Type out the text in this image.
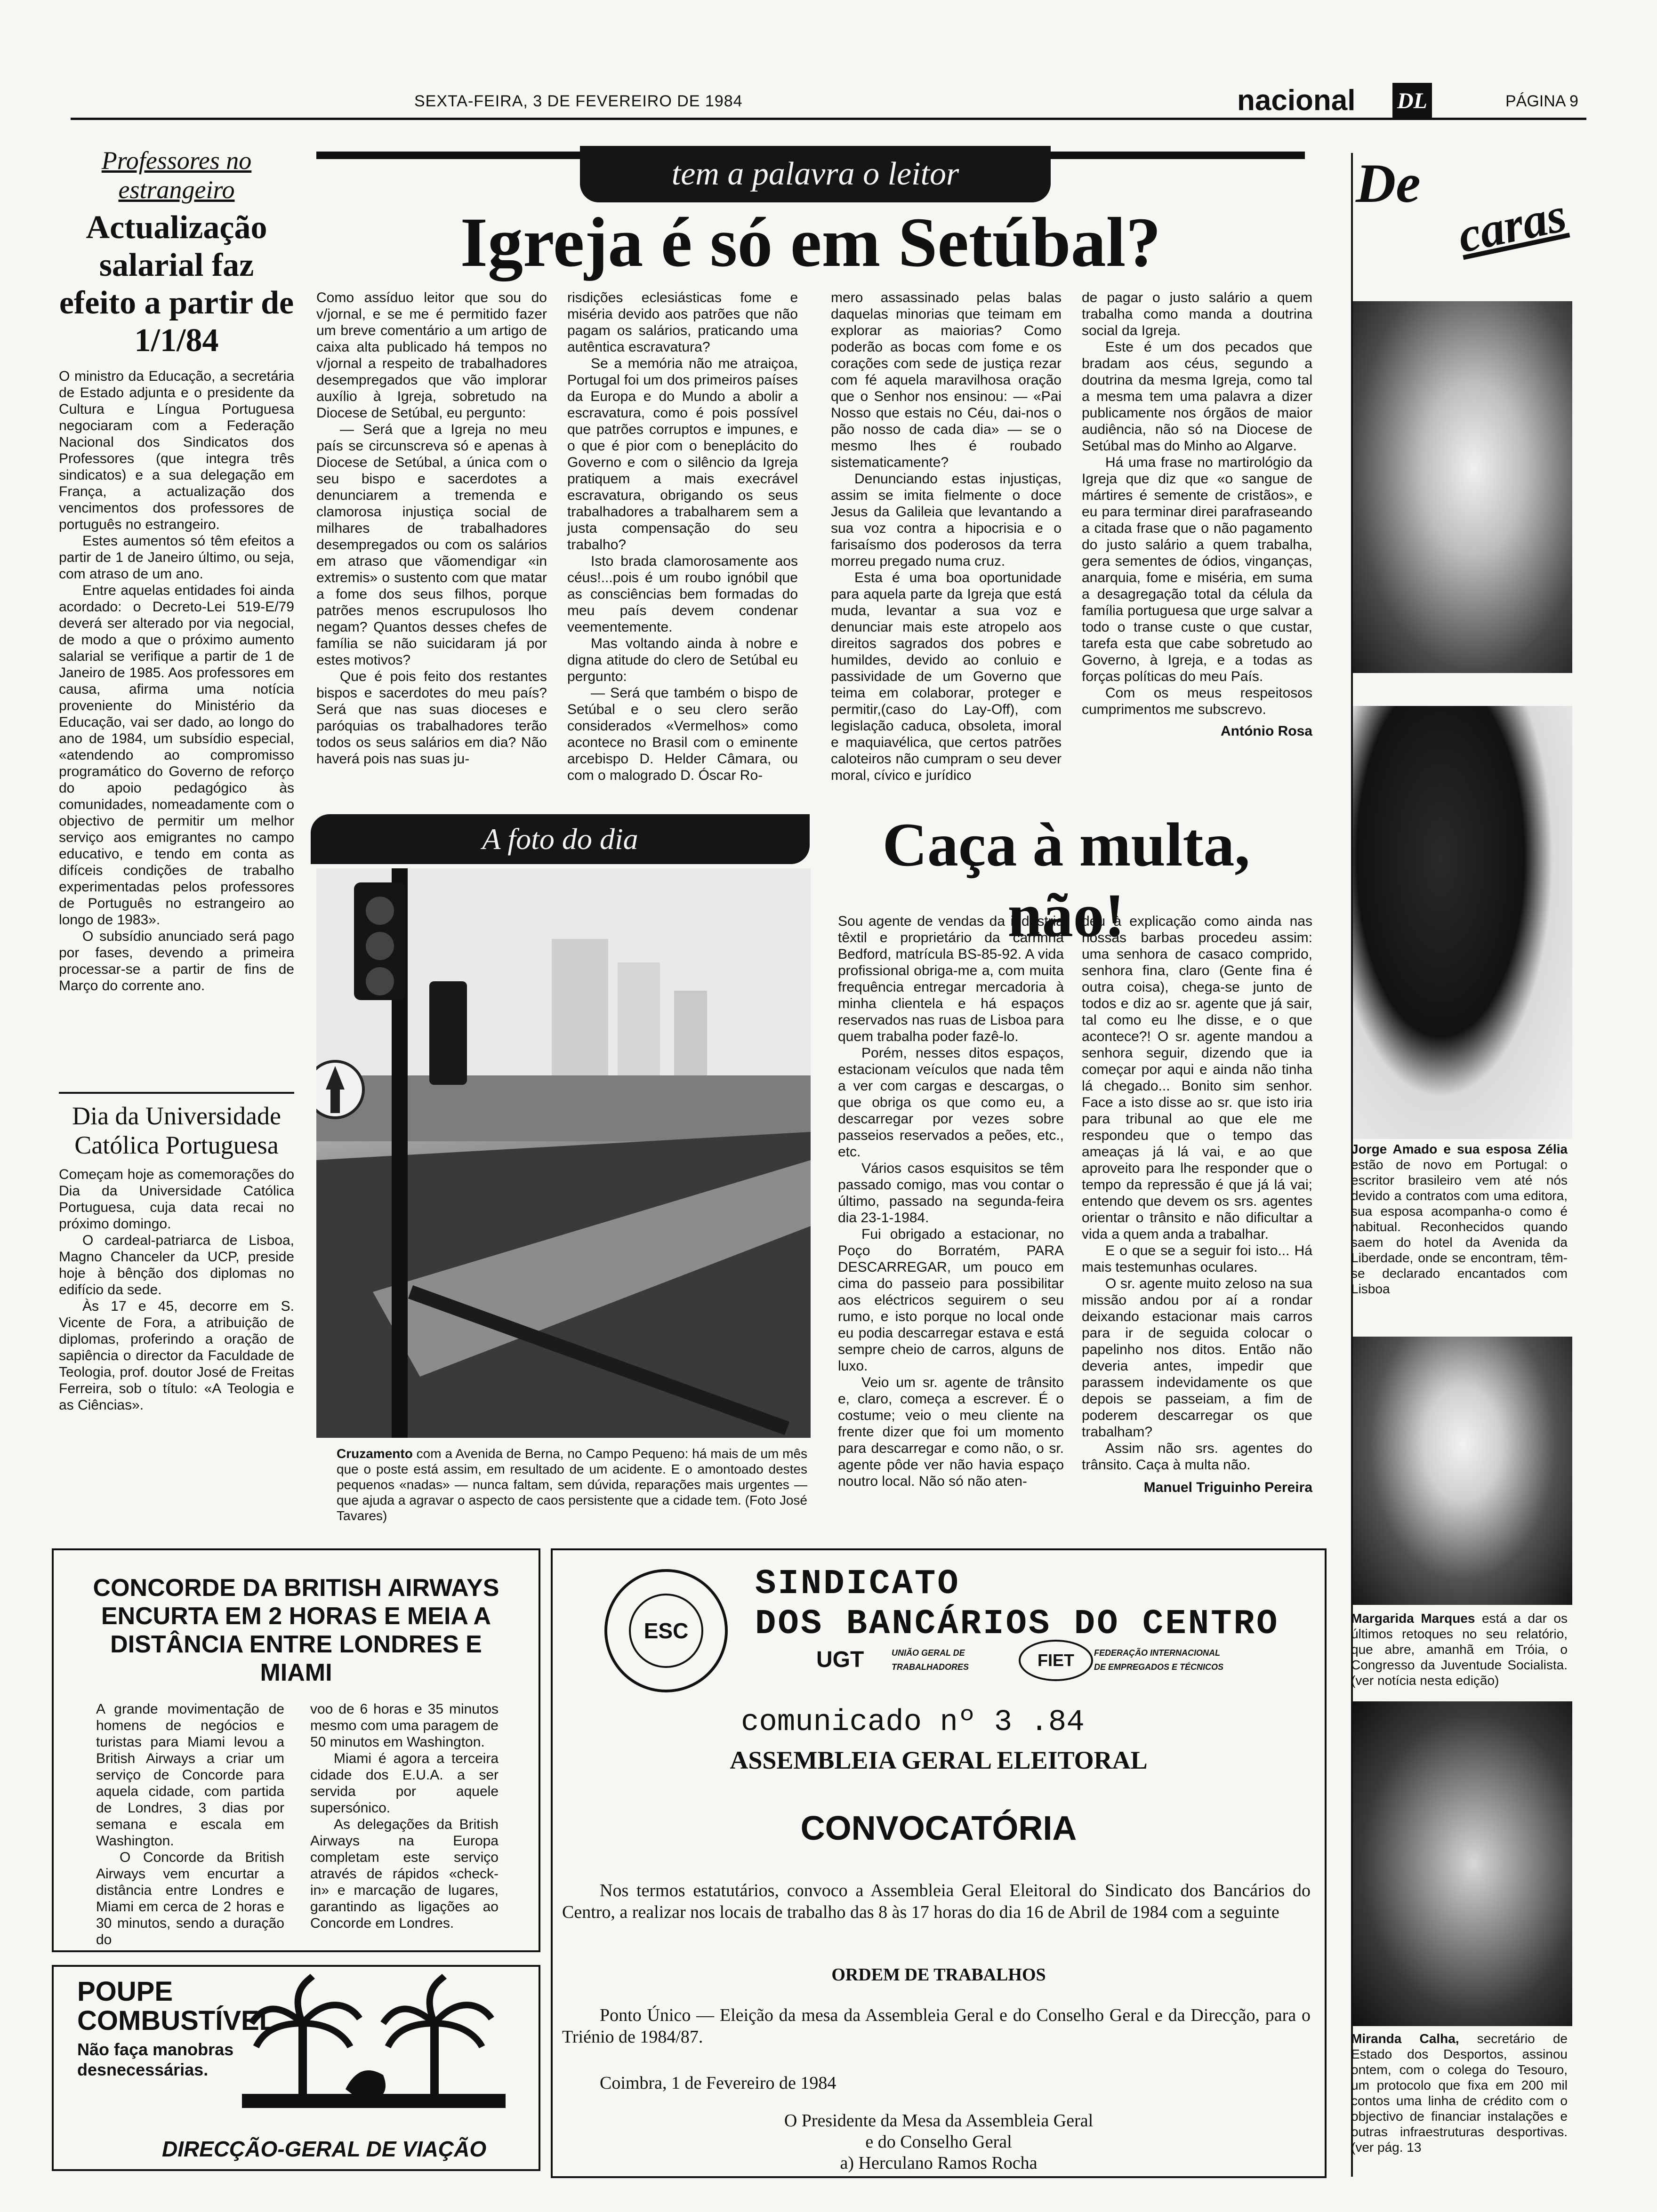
SEXTA-FEIRA, 3 DE FEVEREIRO DE 1984	nacional DL	PÁGINA 9
Professores no estrangeiro
Actualização salarial faz efeito a partir de 1/1/84

O ministro da Educação, a secretária de Estado adjunta e o presidente da Cultura e Língua Portuguesa negociaram com a Federação Nacional dos Sindicatos dos Professores (que integra três sindicatos) e a sua delegação em França, a actualização dos vencimentos dos professores de português no estrangeiro.

Estes aumentos só têm efeitos a partir de 1 de Janeiro último, ou seja, com atraso de um ano.

Entre aquelas entidades foi ainda acordado: o Decreto-Lei 519-E/79 deverá ser alterado por via negocial, de modo a que o próximo aumento salarial se verifique a partir de 1 de Janeiro de 1985. Aos professores em causa, afirma uma notícia proveniente do Ministério da Educação, vai ser dado, ao longo do ano de 1984, um subsídio especial, «atendendo ao compromisso programático do Governo de reforço do apoio pedagógico às comunidades, nomeadamente com o objectivo de permitir um melhor serviço aos emigrantes no campo educativo, e tendo em conta as difíceis condições de trabalho experimentadas pelos professores de Português no estrangeiro ao longo de 1983».

O subsídio anunciado será pago por fases, devendo a primeira processar-se a partir de fins de Março do corrente ano.

Dia da Universidade Católica Portuguesa

Começam hoje as comemorações do Dia da Universidade Católica Portuguesa, cuja data recai no próximo domingo.

O cardeal-patriarca de Lisboa, Magno Chanceler da UCP, preside hoje à bênção dos diplomas no edifício da sede.

Às 17 e 45, decorre em S. Vicente de Fora, a atribuição de diplomas, proferindo a oração de sapiência o director da Faculdade de Teologia, prof. doutor José de Freitas Ferreira, sob o título: «A Teologia e as Ciências».

tem a palavra o leitor
Igreja é só em Setúbal?

Como assíduo leitor que sou do v/jornal, e se me é permitido fazer um breve comentário a um artigo de caixa alta publicado há tempos no v/jornal a respeito de trabalhadores desempregados que vão implorar auxílio à Igreja, sobretudo na Diocese de Setúbal, eu pergunto:

— Será que a Igreja no meu país se circunscreva só e apenas à Diocese de Setúbal, a única com o seu bispo e sacerdotes a denunciarem a tremenda e clamorosa injustiça social de milhares de trabalhadores desempregados ou com os salários em atraso que vãomendigar «in extremis» o sustento com que matar a fome dos seus filhos, porque patrões menos escrupulosos lho negam? Quantos desses chefes de família se não suicidaram já por estes motivos?

Que é pois feito dos restantes bispos e sacerdotes do meu país? Será que nas suas dioceses e paróquias os trabalhadores terão todos os seus salários em dia? Não haverá pois nas suas ju-

risdições eclesiásticas fome e miséria devido aos patrões que não pagam os salários, praticando uma autêntica escravatura?

Se a memória não me atraiçoa, Portugal foi um dos primeiros países da Europa e do Mundo a abolir a escravatura, como é pois possível que patrões corruptos e impunes, e o que é pior com o beneplácito do Governo e com o silêncio da Igreja pratiquem a mais execrável escravatura, obrigando os seus trabalhadores a trabalharem sem a justa compensação do seu trabalho?

Isto brada clamorosamente aos céus!...pois é um roubo ignóbil que as consciências bem formadas do meu país devem condenar veementemente.

Mas voltando ainda à nobre e digna atitude do clero de Setúbal eu pergunto:

— Será que também o bispo de Setúbal e o seu clero serão considerados «Vermelhos» como acontece no Brasil com o eminente arcebispo D. Helder Câmara, ou com o malogrado D. Óscar Ro-

mero assassinado pelas balas daquelas minorias que teimam em explorar as maiorias? Como poderão as bocas com fome e os corações com sede de justiça rezar com fé aquela maravilhosa oração que o Senhor nos ensinou: — «Pai Nosso que estais no Céu, dai-nos o pão nosso de cada dia» — se o mesmo lhes é roubado sistematicamente?

Denunciando estas injustiças, assim se imita fielmente o doce Jesus da Galileia que levantando a sua voz contra a hipocrisia e o farisaísmo dos poderosos da terra morreu pregado numa cruz.

Esta é uma boa oportunidade para aquela parte da Igreja que está muda, levantar a sua voz e denunciar mais este atropelo aos direitos sagrados dos pobres e humildes, devido ao conluio e passividade de um Governo que teima em colaborar, proteger e permitir,(caso do Lay-Off), com legislação caduca, obsoleta, imoral e maquiavélica, que certos patrões caloteiros não cumpram o seu dever moral, cívico e jurídico

de pagar o justo salário a quem trabalha como manda a doutrina social da Igreja.

Este é um dos pecados que bradam aos céus, segundo a doutrina da mesma Igreja, como tal a mesma tem uma palavra a dizer publicamente nos órgãos de maior audiência, não só na Diocese de Setúbal mas do Minho ao Algarve.

Há uma frase no martirológio da Igreja que diz que «o sangue de mártires é semente de cristãos», e eu para terminar direi parafraseando a citada frase que o não pagamento do justo salário a quem trabalha, gera sementes de ódios, vinganças, anarquia, fome e miséria, em suma a desagregação total da célula da família portuguesa que urge salvar a todo o transe custe o que custar, tarefa esta que cabe sobretudo ao Governo, à Igreja, e a todas as forças políticas do meu País.

Com os meus respeitosos cumprimentos me subscrevo.

António Rosa
A foto do dia

Cruzamento com a Avenida de Berna, no Campo Pequeno: há mais de um mês que o poste está assim, em resultado de um acidente. E o amontoado destes pequenos «nadas» — nunca faltam, sem dúvida, reparações mais urgentes — que ajuda a agravar o aspecto de caos persistente que a cidade tem. (Foto José Tavares)

Caça à multa, não!

Sou agente de vendas da indústria têxtil e proprietário da carrinha Bedford, matrícula BS-85-92. A vida profissional obriga-me a, com muita frequência entregar mercadoria à minha clientela e há espaços reservados nas ruas de Lisboa para quem trabalha poder fazê-lo.

Porém, nesses ditos espaços, estacionam veículos que nada têm a ver com cargas e descargas, o que obriga os que como eu, a descarregar por vezes sobre passeios reservados a peões, etc., etc.

Vários casos esquisitos se têm passado comigo, mas vou contar o último, passado na segunda-feira dia 23-1-1984.

Fui obrigado a estacionar, no Poço do Borratém, PARA DESCARREGAR, um pouco em cima do passeio para possibilitar aos eléctricos seguirem o seu rumo, e isto porque no local onde eu podia descarregar estava e está sempre cheio de carros, alguns de luxo.

Veio um sr. agente de trânsito e, claro, começa a escrever. É o costume; veio o meu cliente na frente dizer que foi um momento para descarregar e como não, o sr. agente pôde ver não havia espaço noutro local. Não só não aten-

deu à explicação como ainda nas nossas barbas procedeu assim: uma senhora de casaco comprido, senhora fina, claro (Gente fina é outra coisa), chega-se junto de todos e diz ao sr. agente que já sair, tal como eu lhe disse, e o que acontece?! O sr. agente mandou a senhora seguir, dizendo que ia começar por aqui e ainda não tinha lá chegado... Bonito sim senhor. Face a isto disse ao sr. que isto iria para tribunal ao que ele me respondeu que o tempo das ameaças já lá vai, e ao que aproveito para lhe responder que o tempo da repressão é que já lá vai; entendo que devem os srs. agentes orientar o trânsito e não dificultar a vida a quem anda a trabalhar.

E o que se a seguir foi isto... Há mais testemunhas oculares.

O sr. agente muito zeloso na sua missão andou por aí a rondar deixando estacionar mais carros para ir de seguida colocar o papelinho nos ditos. Então não deveria antes, impedir que parassem indevidamente os que depois se passeiam, a fim de poderem descarregar os que trabalham?

Assim não srs. agentes do trânsito. Caça à multa não.

Manuel Triguinho Pereira
De
caras

Jorge Amado e sua esposa Zélia estão de novo em Portugal: o escritor brasileiro vem até nós devido a contratos com uma editora, sua esposa acompanha-o como é habitual. Reconhecidos quando saem do hotel da Avenida da Liberdade, onde se encontram, têm-se declarado encantados com Lisboa

Margarida Marques está a dar os últimos retoques no seu relatório, que abre, amanhã em Tróia, o Congresso da Juventude Socialista. (ver notícia nesta edição)

Miranda Calha, secretário de Estado dos Desportos, assinou ontem, com o colega do Tesouro, um protocolo que fixa em 200 mil contos uma linha de crédito com o objectivo de financiar instalações e outras infraestruturas desportivas. (ver pág. 13

CONCORDE DA BRITISH AIRWAYS ENCURTA EM 2 HORAS E MEIA A DISTÂNCIA ENTRE LONDRES E MIAMI

A grande movimentação de homens de negócios e turistas para Miami levou a British Airways a criar um serviço de Concorde para aquela cidade, com partida de Londres, 3 dias por semana e escala em Washington.

O Concorde da British Airways vem encurtar a distância entre Londres e Miami em cerca de 2 horas e 30 minutos, sendo a duração do

voo de 6 horas e 35 minutos mesmo com uma paragem de 50 minutos em Washington.

Miami é agora a terceira cidade dos E.U.A. a ser servida por aquele supersónico.

As delegações da British Airways na Europa completam este serviço através de rápidos «check-in» e marcação de lugares, garantindo as ligações ao Concorde em Londres.

POUPE
COMBUSTÍVEL
Não faça manobras
desnecessárias.
DIRECÇÃO-GERAL DE VIAÇÃO
ESC
SINDICATO
DOS BANCÁRIOS DO CENTRO
UGT	UNIÃO GERAL DE
TRABALHADORES	FIET FEDERAÇÃO INTERNACIONAL
DE EMPREGADOS E TÉCNICOS
comunicado nº 3 .84
ASSEMBLEIA GERAL ELEITORAL
CONVOCATÓRIA

Nos termos estatutários, convoco a Assembleia Geral Eleitoral do Sindicato dos Bancários do Centro, a realizar nos locais de trabalho das 8 às 17 horas do dia 16 de Abril de 1984 com a seguinte

ORDEM DE TRABALHOS

Ponto Único — Eleição da mesa da Assembleia Geral e do Conselho Geral e da Direcção, para o Triénio de 1984/87.

Coimbra, 1 de Fevereiro de 1984
O Presidente da Mesa da Assembleia Geral
e do Conselho Geral
a) Herculano Ramos Rocha
